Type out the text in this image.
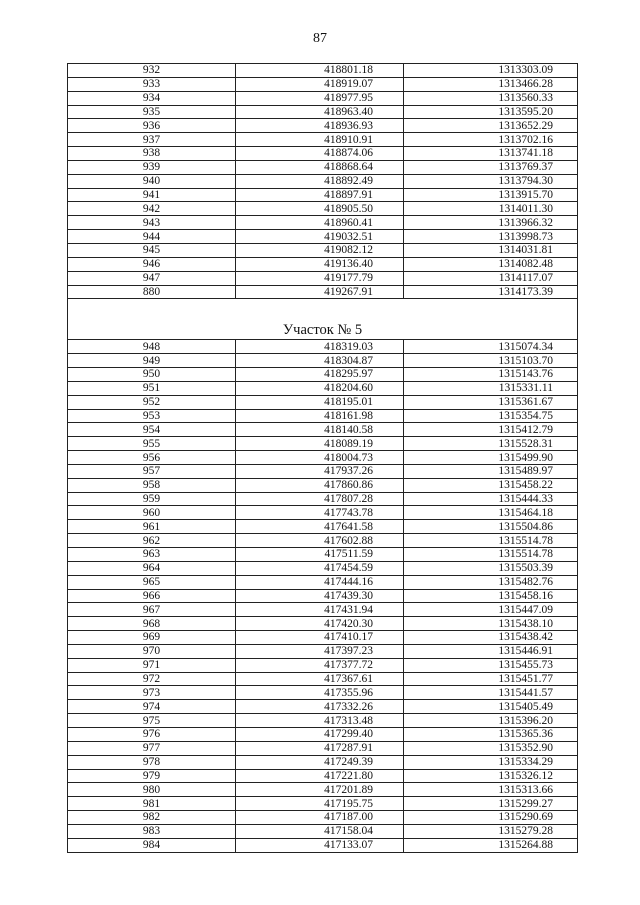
87
932	418801.18	1313303.09
933	418919.07	1313466.28
934	418977.95	1313560.33
935	418963.40	1313595.20
936	418936.93	1313652.29
937	418910.91	1313702.16
938	418874.06	1313741.18
939	418868.64	1313769.37
940	418892.49	1313794.30
941	418897.91	1313915.70
942	418905.50	1314011.30
943	418960.41	1313966.32
944	419032.51	1313998.73
945	419082.12	1314031.81
946	419136.40	1314082.48
947	419177.79	1314117.07
880	419267.91	1314173.39
Участок № 5		
948	418319.03	1315074.34
949	418304.87	1315103.70
950	418295.97	1315143.76
951	418204.60	1315331.11
952	418195.01	1315361.67
953	418161.98	1315354.75
954	418140.58	1315412.79
955	418089.19	1315528.31
956	418004.73	1315499.90
957	417937.26	1315489.97
958	417860.86	1315458.22
959	417807.28	1315444.33
960	417743.78	1315464.18
961	417641.58	1315504.86
962	417602.88	1315514.78
963	417511.59	1315514.78
964	417454.59	1315503.39
965	417444.16	1315482.76
966	417439.30	1315458.16
967	417431.94	1315447.09
968	417420.30	1315438.10
969	417410.17	1315438.42
970	417397.23	1315446.91
971	417377.72	1315455.73
972	417367.61	1315451.77
973	417355.96	1315441.57
974	417332.26	1315405.49
975	417313.48	1315396.20
976	417299.40	1315365.36
977	417287.91	1315352.90
978	417249.39	1315334.29
979	417221.80	1315326.12
980	417201.89	1315313.66
981	417195.75	1315299.27
982	417187.00	1315290.69
983	417158.04	1315279.28
984	417133.07	1315264.88
